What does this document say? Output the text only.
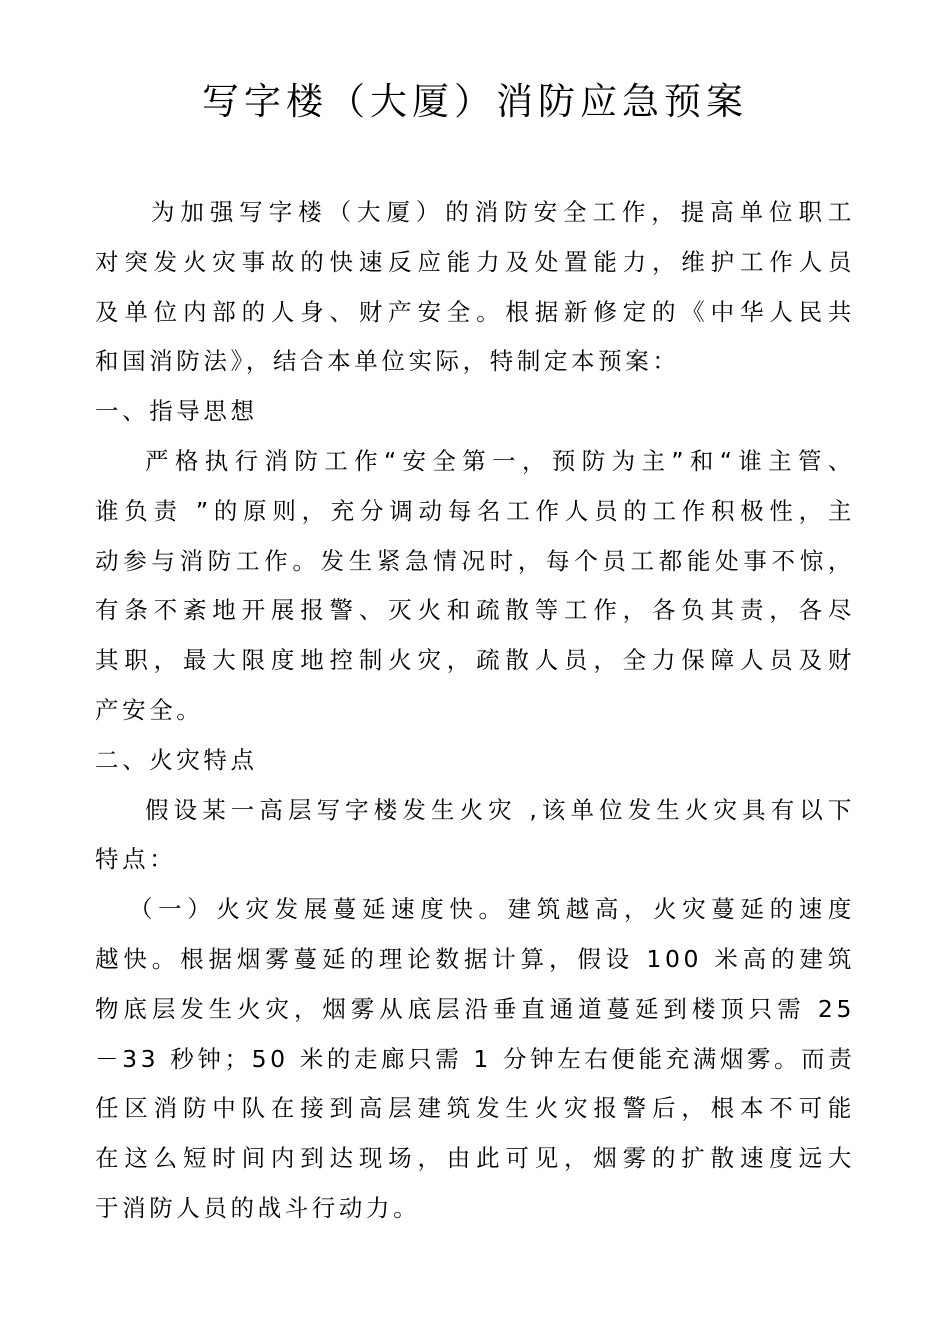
写字楼（大厦）消防应急预案
为加强写字楼（大厦）的消防安全工作，提高单位职工
对突发火灾事故的快速反应能力及处置能力，维护工作人员
及单位内部的人身、财产安全。根据新修定的《中华人民共
和国消防法》，结合本单位实际，特制定本预案：
一、指导思想
严格执行消防工作“安全第一，预防为主”和“谁主管、
谁负责 ”的原则，充分调动每名工作人员的工作积极性，主
动参与消防工作。发生紧急情况时，每个员工都能处事不惊，
有条不紊地开展报警、灭火和疏散等工作，各负其责，各尽
其职，最大限度地控制火灾，疏散人员，全力保障人员及财
产安全。
二、火灾特点
假设某一高层写字楼发生火灾 ,该单位发生火灾具有以下
特点：
（一）火灾发展蔓延速度快。建筑越高，火灾蔓延的速度
越快。根据烟雾蔓延的理论数据计算，假设 100 米高的建筑
物底层发生火灾，烟雾从底层沿垂直通道蔓延到楼顶只需 25
－33 秒钟；50 米的走廊只需 1 分钟左右便能充满烟雾。而责
任区消防中队在接到高层建筑发生火灾报警后，根本不可能
在这么短时间内到达现场，由此可见，烟雾的扩散速度远大
于消防人员的战斗行动力。
